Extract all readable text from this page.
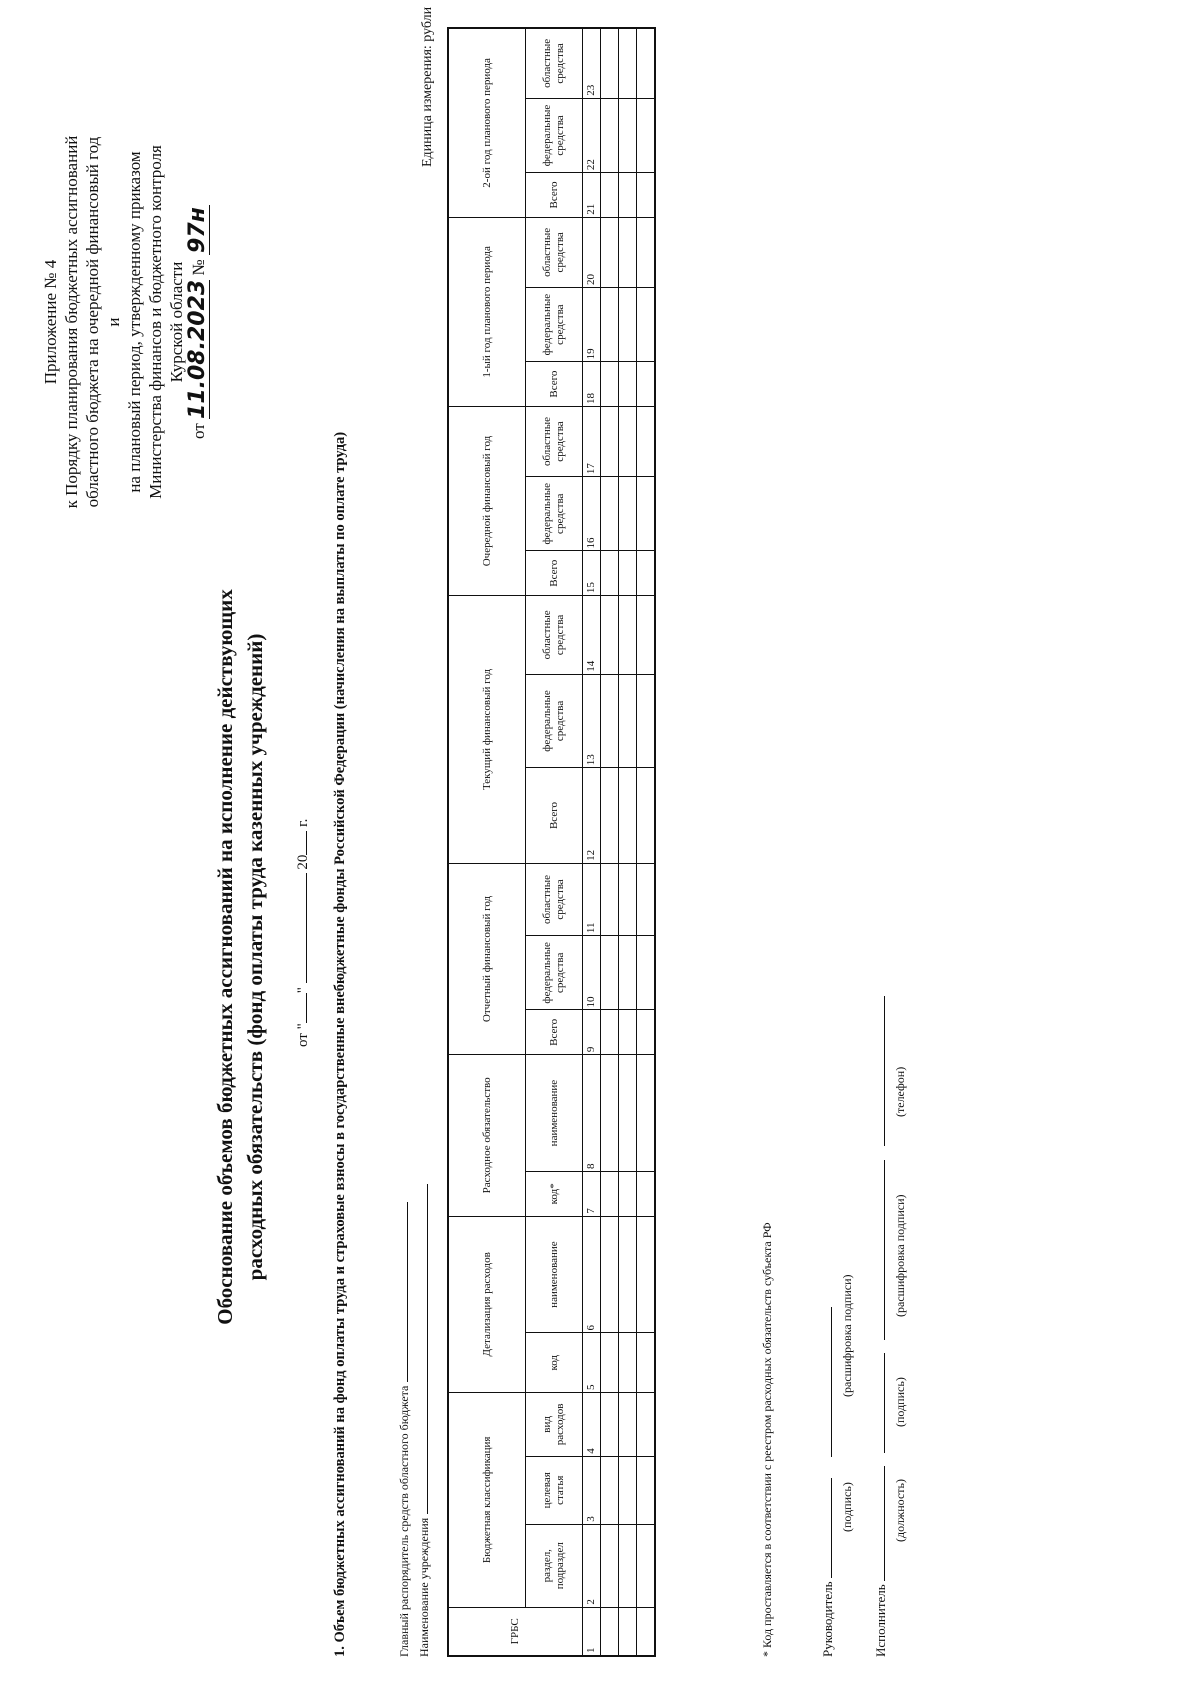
Приложение № 4 к Порядку планирования бюджетных ассигнований областного бюджета на очередной финансовый год и на плановый период, утвержденному приказом Министерства финансов и бюджетного контроля Курской области
от 11.08.2023 № 97н
Обоснование объемов бюджетных ассигнований на исполнение действующих расходных обязательств (фонд оплаты труда казенных учреждений) от ""  20 г. 1. Объем бюджетных ассигнований на фонд оплаты труда и страховые взносы в государственные внебюджетные фонды Российской Федерации (начисления на выплаты по оплате труда)	Главный распорядитель средств областного бюджета Наименование учреждения
Единица измерения: рубли
ГРБС	Бюджетная классификация			Детализация расходов		Расходное обязательство		Отчетный финансовый год			Текущий финансовый год			Очередной финансовый год			1-ый год планового периода			2-ой год планового периода		
	раздел, подраздел	целевая статья	вид расходов	код	наименование	код*	наименование	Всего	федеральные средства	областные средства	Всего	федеральные средства	областные средства	Всего	федеральные средства	областные средства	Всего	федеральные средства	областные средства	Всего	федеральные средства	областные средства
1	2	3	4	5	6	7	8	9	10	11	12	13	14	15	16	17	18	19	20	21	22	23

* Код проставляется в соответствии с реестром расходных обязательств субъекта РФ	Руководитель
(подпись)
(расшифровка подписи)
Исполнитель
(должность)
(подпись)
(расшифровка подписи)
(телефон)
